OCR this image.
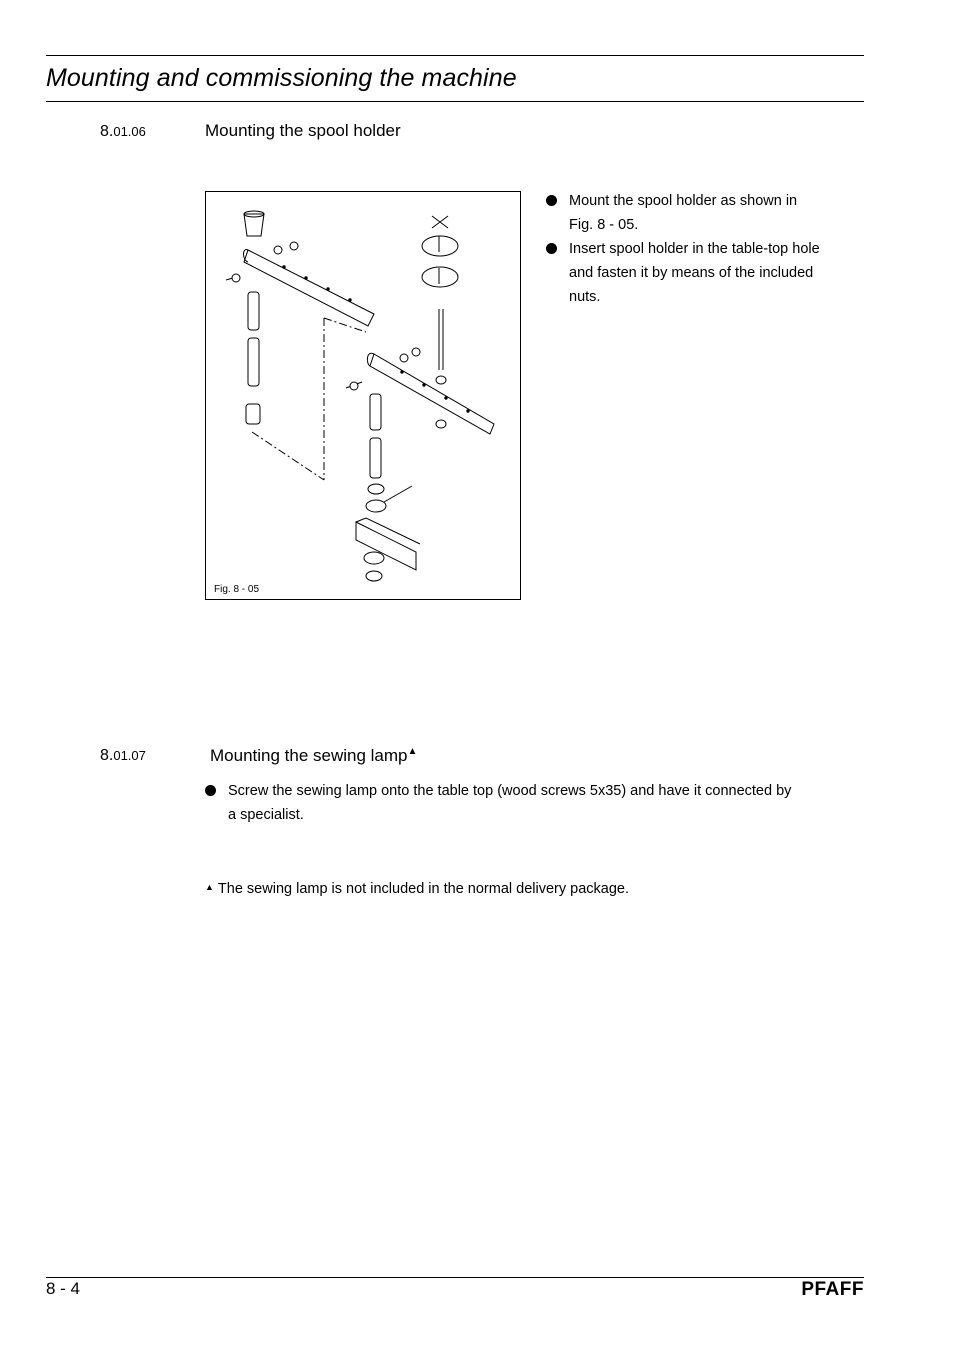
Mounting and commissioning the machine
8.01.06	Mounting the spool holder
Fig. 8 - 05
Mount the spool holder as shown in
Fig. 8 - 05.
Insert spool holder in the table-top hole
and fasten it by means of the included
nuts.
8.01.07	Mounting the sewing lamp▲
Screw the sewing lamp onto the table top (wood screws 5x35) and have it connected by
a specialist.
▲ The sewing lamp is not included in the normal delivery package.
8 - 4	PFAFF
